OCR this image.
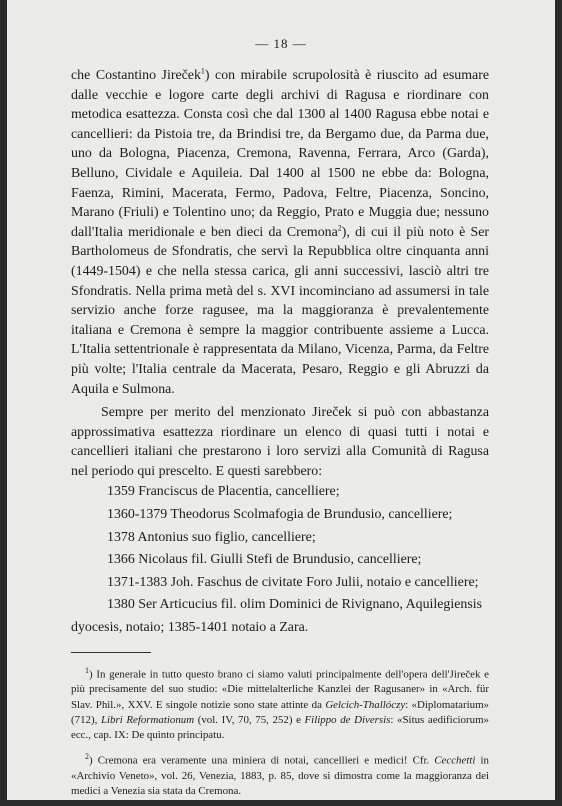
— 18 —

che Costantino Jireček$^1$) con mirabile scrupolosità è riuscito ad esumare dalle vecchie e logore carte degli archivi di Ragusa e riordinare con metodica esattezza. Consta così che dal 1300 al 1400 Ragusa ebbe notai e cancellieri: da Pistoia tre, da Brindisi tre, da Bergamo due, da Parma due, uno da Bologna, Piacenza, Cremona, Ravenna, Ferrara, Arco (Garda), Belluno, Cividale e Aquileia. Dal 1400 al 1500 ne ebbe da: Bologna, Faenza, Rimini, Macerata, Fermo, Padova, Feltre, Piacenza, Soncino, Marano (Friuli) e Tolentino uno; da Reggio, Prato e Muggia due; nessuno dall'Italia meridionale e ben dieci da Cremona$^2$), di cui il più noto è Ser Bartholomeus de Sfondratis, che servì la Repubblica oltre cinquanta anni (1449-1504) e che nella stessa carica, gli anni successivi, lasciò altri tre Sfondratis. Nella prima metà del s. XVI incominciano ad assumersi in tale servizio anche forze ragusee, ma la maggioranza è prevalentemente italiana e Cremona è sempre la maggior contribuente assieme a Lucca. L'Italia settentrionale è rappresentata da Milano, Vicenza, Parma, da Feltre più volte; l'Italia centrale da Macerata, Pesaro, Reggio e gli Abruzzi da Aquila e Sulmona.

Sempre per merito del menzionato Jireček si può con abbastanza approssimativa esattezza riordinare un elenco di quasi tutti i notai e cancellieri italiani che prestarono i loro servizi alla Comunità di Ragusa nel periodo qui prescelto. E questi sarebbero:

1359 Franciscus de Placentia, cancelliere;
1360-1379 Theodorus Scolmafogia de Brundusio, cancelliere;
1378 Antonius suo figlio, cancelliere;
1366 Nicolaus fil. Giulli Stefi de Brundusio, cancelliere;
1371-1383 Joh. Faschus de civitate Foro Julii, notaio e cancelliere;
1380 Ser Articucius fil. olim Dominici de Rivignano, Aquilegiensis
dyocesis, notaio; 1385-1401 notaio a Zara.

$^1$) In generale in tutto questo brano ci siamo valuti principalmente dell'opera dell'Jireček e più precisamente del suo studio: «Die mittelalterliche Kanzlei der Ragusaner» in «Arch. für Slav. Phil.», XXV. E singole notizie sono state attinte da Gelcich-Thallóczy: «Diplomatarium» (712), Libri Reformationum (vol. IV, 70, 75, 252) e Filippo de Diversis: «Situs aedificiorum» ecc., cap. IX: De quinto principatu.

$^2$) Cremona era veramente una miniera di notai, cancellieri e medici! Cfr. Cecchetti in «Archivio Veneto», vol. 26, Venezia, 1883, p. 85, dove si dimostra come la maggioranza dei medici a Venezia sia stata da Cremona.
